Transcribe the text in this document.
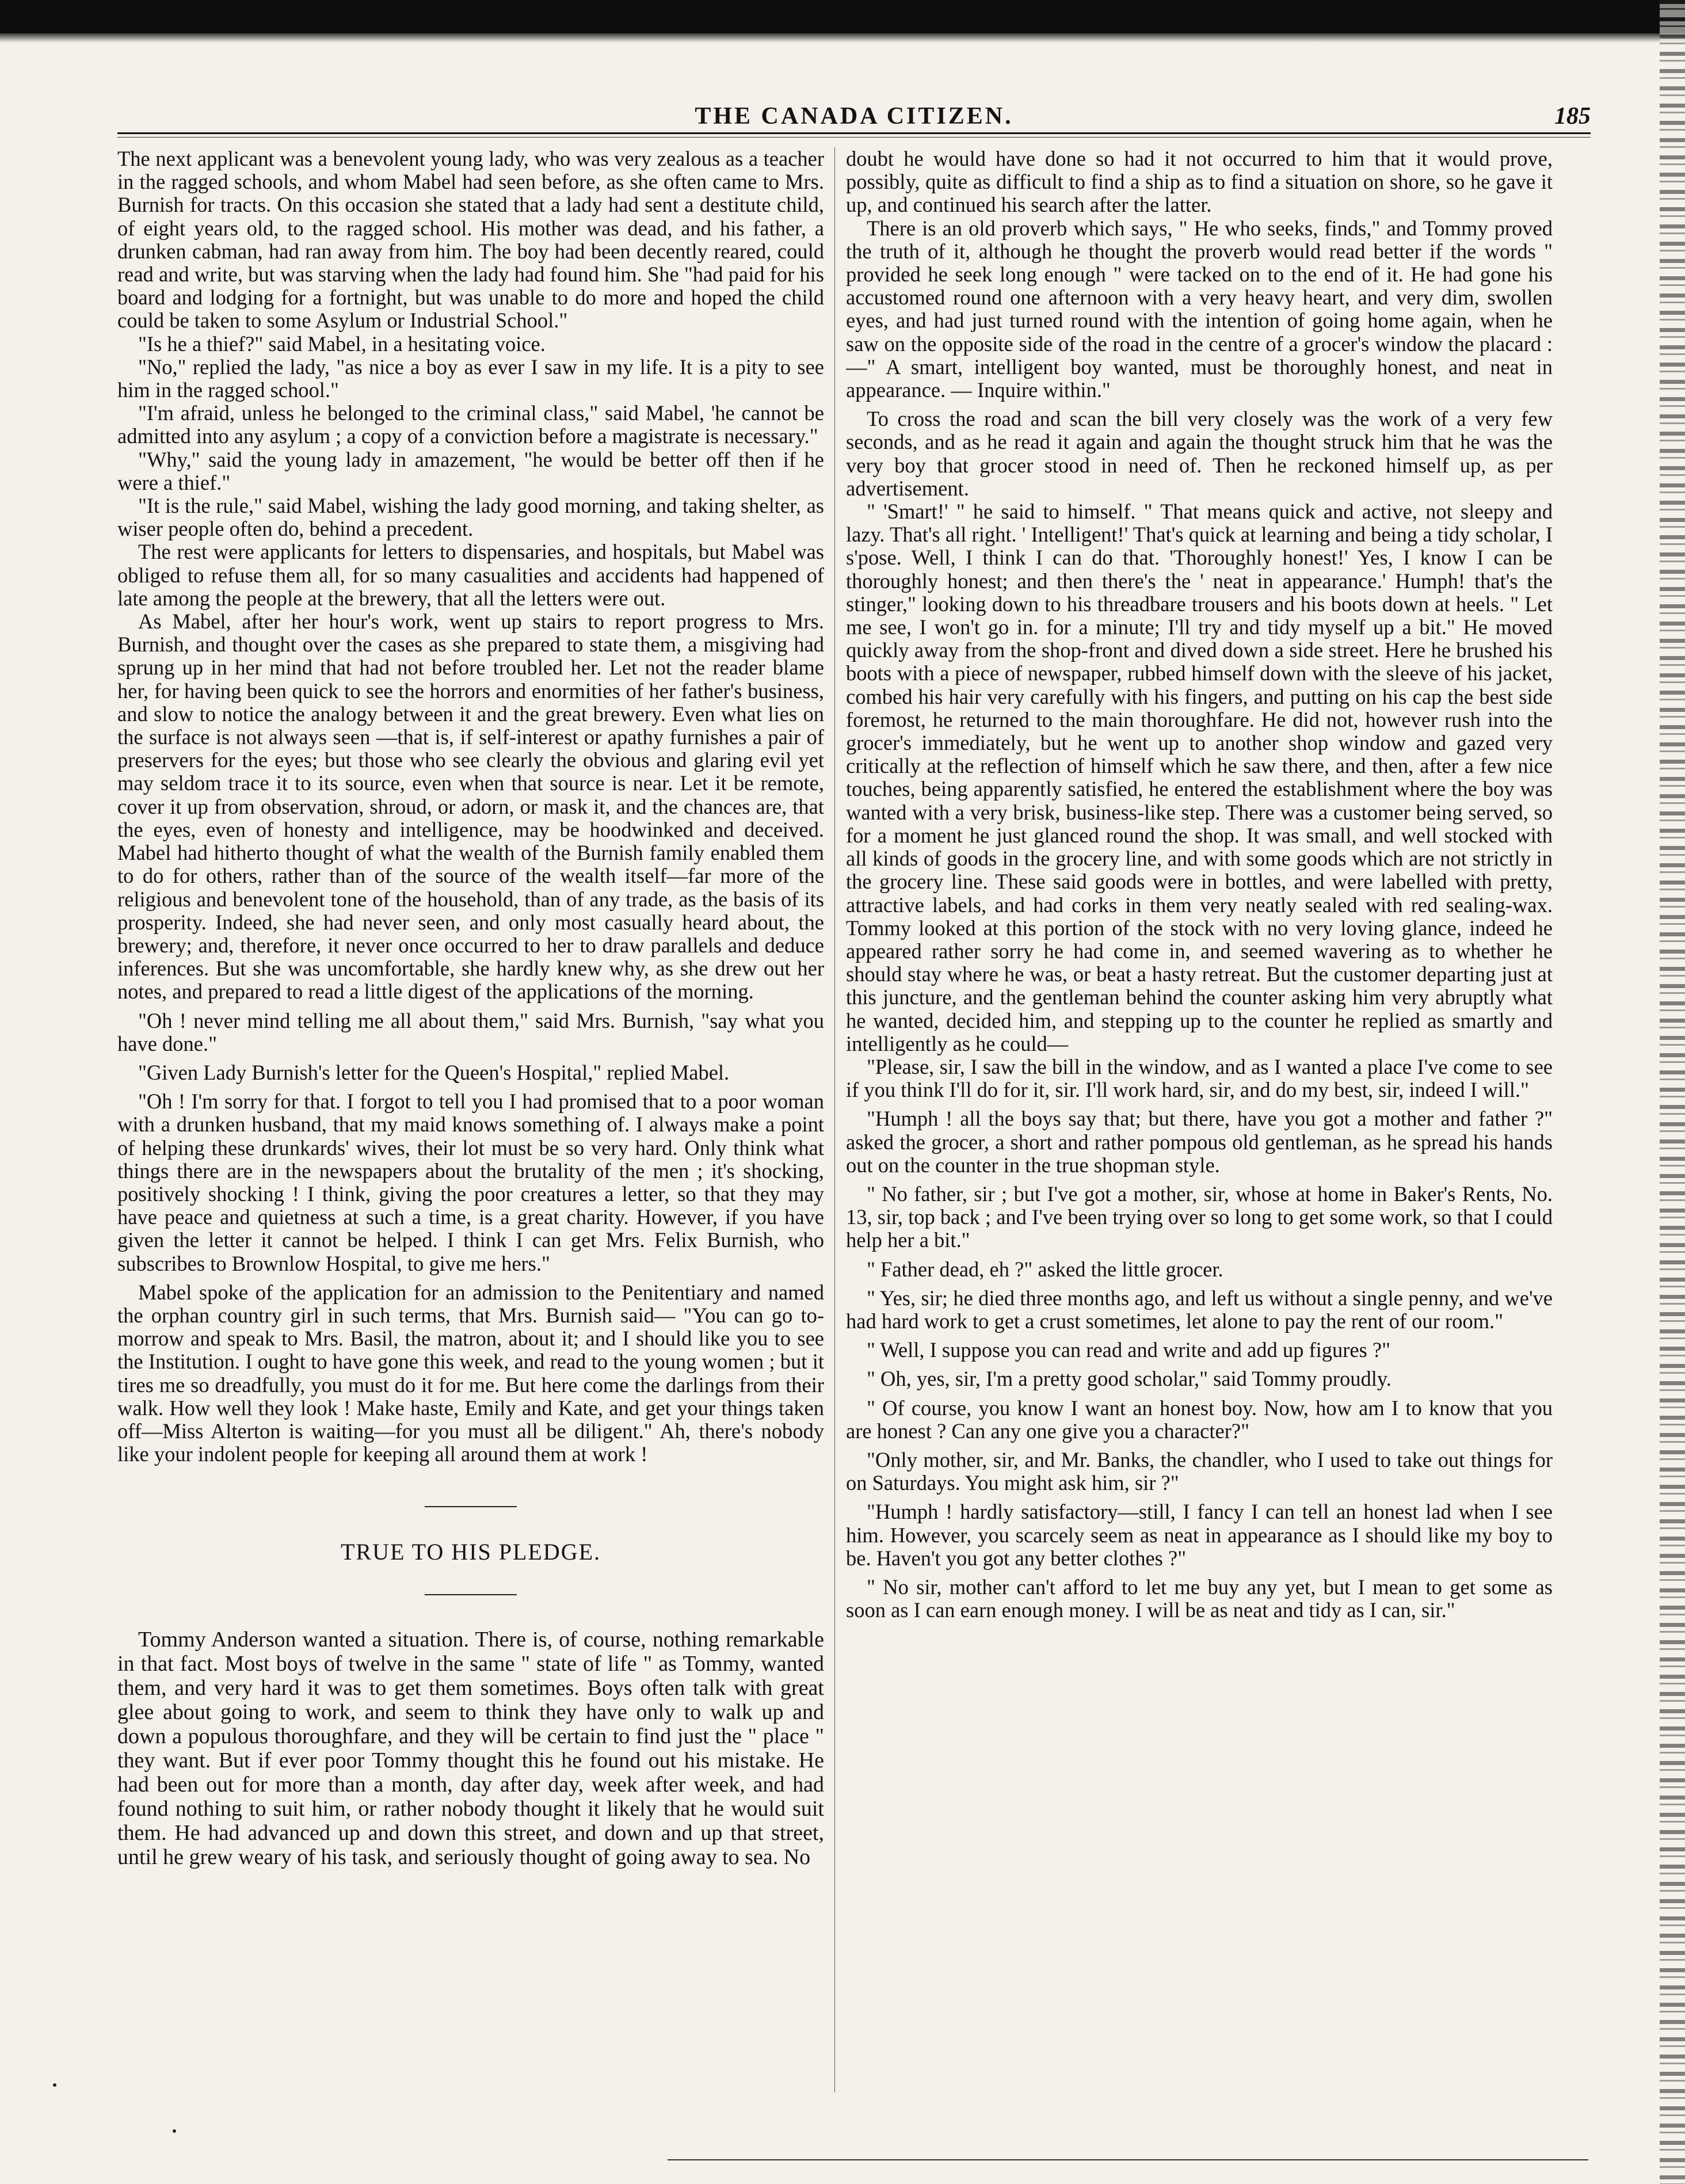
THE CANADA CITIZEN.	185

The next applicant was a benevolent young lady, who was very zealous as a teacher in the ragged schools, and whom Mabel had seen before, as she often came to Mrs. Burnish for tracts. On this occasion she stated that a lady had sent a destitute child, of eight years old, to the ragged school. His mother was dead, and his father, a drunken cabman, had ran away from him. The boy had been decently reared, could read and write, but was starving when the lady had found him. She "had paid for his board and lodging for a fortnight, but was unable to do more and hoped the child could be taken to some Asylum or Industrial School."

"Is he a thief?" said Mabel, in a hesitating voice.

"No," replied the lady, "as nice a boy as ever I saw in my life. It is a pity to see him in the ragged school."

"I'm afraid, unless he belonged to the criminal class," said Mabel, 'he cannot be admitted into any asylum ; a copy of a conviction before a magistrate is necessary."

"Why," said the young lady in amazement, "he would be better off then if he were a thief."

"It is the rule," said Mabel, wishing the lady good morning, and taking shelter, as wiser people often do, behind a precedent.

The rest were applicants for letters to dispensaries, and hospitals, but Mabel was obliged to refuse them all, for so many casualities and accidents had happened of late among the people at the brewery, that all the letters were out.

As Mabel, after her hour's work, went up stairs to report progress to Mrs. Burnish, and thought over the cases as she prepared to state them, a misgiving had sprung up in her mind that had not before troubled her. Let not the reader blame her, for having been quick to see the horrors and enormities of her father's business, and slow to notice the analogy between it and the great brewery. Even what lies on the surface is not always seen —that is, if self-interest or apathy furnishes a pair of preservers for the eyes; but those who see clearly the obvious and glaring evil yet may seldom trace it to its source, even when that source is near. Let it be remote, cover it up from observation, shroud, or adorn, or mask it, and the chances are, that the eyes, even of honesty and intelligence, may be hoodwinked and deceived. Mabel had hitherto thought of what the wealth of the Burnish family enabled them to do for others, rather than of the source of the wealth itself—far more of the religious and benevolent tone of the household, than of any trade, as the basis of its prosperity. Indeed, she had never seen, and only most casually heard about, the brewery; and, therefore, it never once occurred to her to draw parallels and deduce inferences. But she was uncomfortable, she hardly knew why, as she drew out her notes, and prepared to read a little digest of the applications of the morning.

"Oh ! never mind telling me all about them," said Mrs. Burnish, "say what you have done."

"Given Lady Burnish's letter for the Queen's Hospital," replied Mabel.

"Oh ! I'm sorry for that. I forgot to tell you I had promised that to a poor woman with a drunken husband, that my maid knows something of. I always make a point of helping these drunkards' wives, their lot must be so very hard. Only think what things there are in the newspapers about the brutality of the men ; it's shocking, positively shocking ! I think, giving the poor creatures a letter, so that they may have peace and quietness at such a time, is a great charity. However, if you have given the letter it cannot be helped. I think I can get Mrs. Felix Burnish, who subscribes to Brownlow Hospital, to give me hers."

Mabel spoke of the application for an admission to the Penitentiary and named the orphan country girl in such terms, that Mrs. Burnish said— "You can go to-morrow and speak to Mrs. Basil, the matron, about it; and I should like you to see the Institution. I ought to have gone this week, and read to the young women ; but it tires me so dreadfully, you must do it for me. But here come the darlings from their walk. How well they look ! Make haste, Emily and Kate, and get your things taken off—Miss Alterton is waiting—for you must all be diligent." Ah, there's nobody like your indolent people for keeping all around them at work !

TRUE TO HIS PLEDGE.

Tommy Anderson wanted a situation. There is, of course, nothing remarkable in that fact. Most boys of twelve in the same " state of life " as Tommy, wanted them, and very hard it was to get them sometimes. Boys often talk with great glee about going to work, and seem to think they have only to walk up and down a populous thoroughfare, and they will be certain to find just the " place " they want. But if ever poor Tommy thought this he found out his mistake. He had been out for more than a month, day after day, week after week, and had found nothing to suit him, or rather nobody thought it likely that he would suit them. He had advanced up and down this street, and down and up that street, until he grew weary of his task, and seriously thought of going away to sea. No

doubt he would have done so had it not occurred to him that it would prove, possibly, quite as difficult to find a ship as to find a situation on shore, so he gave it up, and continued his search after the latter.

There is an old proverb which says, " He who seeks, finds," and Tommy proved the truth of it, although he thought the proverb would read better if the words " provided he seek long enough " were tacked on to the end of it. He had gone his accustomed round one afternoon with a very heavy heart, and very dim, swollen eyes, and had just turned round with the intention of going home again, when he saw on the opposite side of the road in the centre of a grocer's window the placard :—" A smart, intelligent boy wanted, must be thoroughly honest, and neat in appearance. — Inquire within."

To cross the road and scan the bill very closely was the work of a very few seconds, and as he read it again and again the thought struck him that he was the very boy that grocer stood in need of. Then he reckoned himself up, as per advertisement.

" 'Smart!' " he said to himself. " That means quick and active, not sleepy and lazy. That's all right. ' Intelligent!' That's quick at learning and being a tidy scholar, I s'pose. Well, I think I can do that. 'Thoroughly honest!' Yes, I know I can be thoroughly honest; and then there's the ' neat in appearance.' Humph! that's the stinger," looking down to his threadbare trousers and his boots down at heels. " Let me see, I won't go in. for a minute; I'll try and tidy myself up a bit." He moved quickly away from the shop-front and dived down a side street. Here he brushed his boots with a piece of newspaper, rubbed himself down with the sleeve of his jacket, combed his hair very carefully with his fingers, and putting on his cap the best side foremost, he returned to the main thoroughfare. He did not, however rush into the grocer's immediately, but he went up to another shop window and gazed very critically at the reflection of himself which he saw there, and then, after a few nice touches, being apparently satisfied, he entered the establishment where the boy was wanted with a very brisk, business-like step. There was a customer being served, so for a moment he just glanced round the shop. It was small, and well stocked with all kinds of goods in the grocery line, and with some goods which are not strictly in the grocery line. These said goods were in bottles, and were labelled with pretty, attractive labels, and had corks in them very neatly sealed with red sealing-wax. Tommy looked at this portion of the stock with no very loving glance, indeed he appeared rather sorry he had come in, and seemed wavering as to whether he should stay where he was, or beat a hasty retreat. But the customer departing just at this juncture, and the gentleman behind the counter asking him very abruptly what he wanted, decided him, and stepping up to the counter he replied as smartly and intelligently as he could—

"Please, sir, I saw the bill in the window, and as I wanted a place I've come to see if you think I'll do for it, sir. I'll work hard, sir, and do my best, sir, indeed I will."

"Humph ! all the boys say that; but there, have you got a mother and father ?" asked the grocer, a short and rather pompous old gentleman, as he spread his hands out on the counter in the true shopman style.

" No father, sir ; but I've got a mother, sir, whose at home in Baker's Rents, No. 13, sir, top back ; and I've been trying over so long to get some work, so that I could help her a bit."

" Father dead, eh ?" asked the little grocer.

" Yes, sir; he died three months ago, and left us without a single penny, and we've had hard work to get a crust sometimes, let alone to pay the rent of our room."

" Well, I suppose you can read and write and add up figures ?"

" Oh, yes, sir, I'm a pretty good scholar," said Tommy proudly.

" Of course, you know I want an honest boy. Now, how am I to know that you are honest ? Can any one give you a character?"

"Only mother, sir, and Mr. Banks, the chandler, who I used to take out things for on Saturdays. You might ask him, sir ?"

"Humph ! hardly satisfactory—still, I fancy I can tell an honest lad when I see him. However, you scarcely seem as neat in appearance as I should like my boy to be. Haven't you got any better clothes ?"

" No sir, mother can't afford to let me buy any yet, but I mean to get some as soon as I can earn enough money. I will be as neat and tidy as I can, sir."
